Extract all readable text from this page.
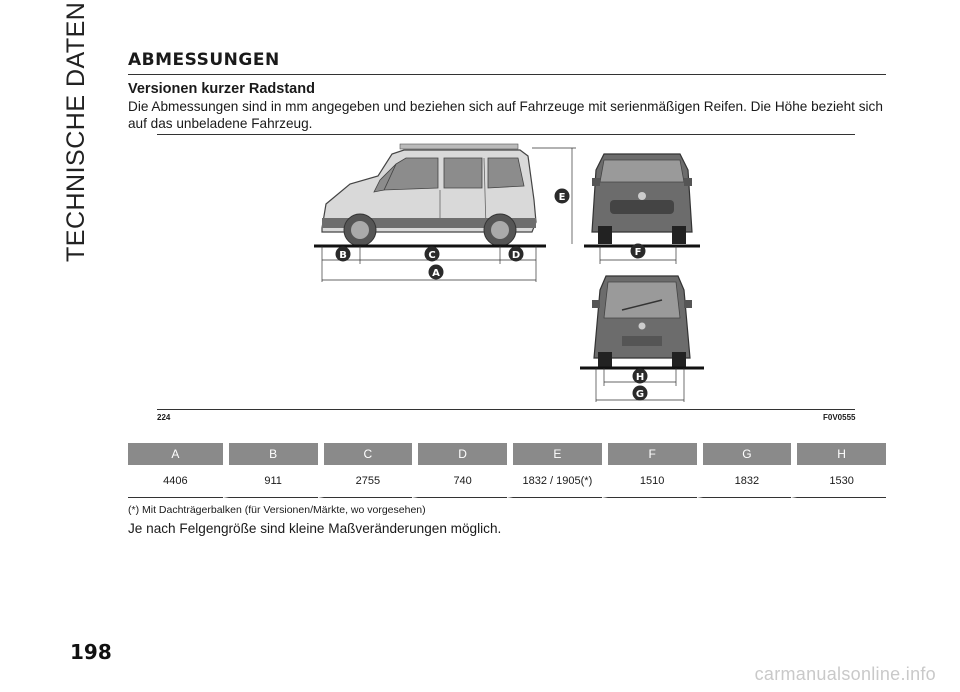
TECHNISCHE DATEN
198
ABMESSUNGEN
Versionen kurzer Radstand
Die Abmessungen sind in mm angegeben und beziehen sich auf Fahrzeuge mit serienmäßigen Reifen. Die Höhe bezieht sich auf das unbeladene Fahrzeug.
A
B	C	D
E
F
H
G
224	F0V0555
A	B	C	D	E	F	G	H
4406	911	2755	740	1832 / 1905(*)	1510	1832	1530
(*) Mit Dachträgerbalken (für Versionen/Märkte, wo vorgesehen)
Je nach Felgengröße sind kleine Maßveränderungen möglich.
carmanualsonline.info
